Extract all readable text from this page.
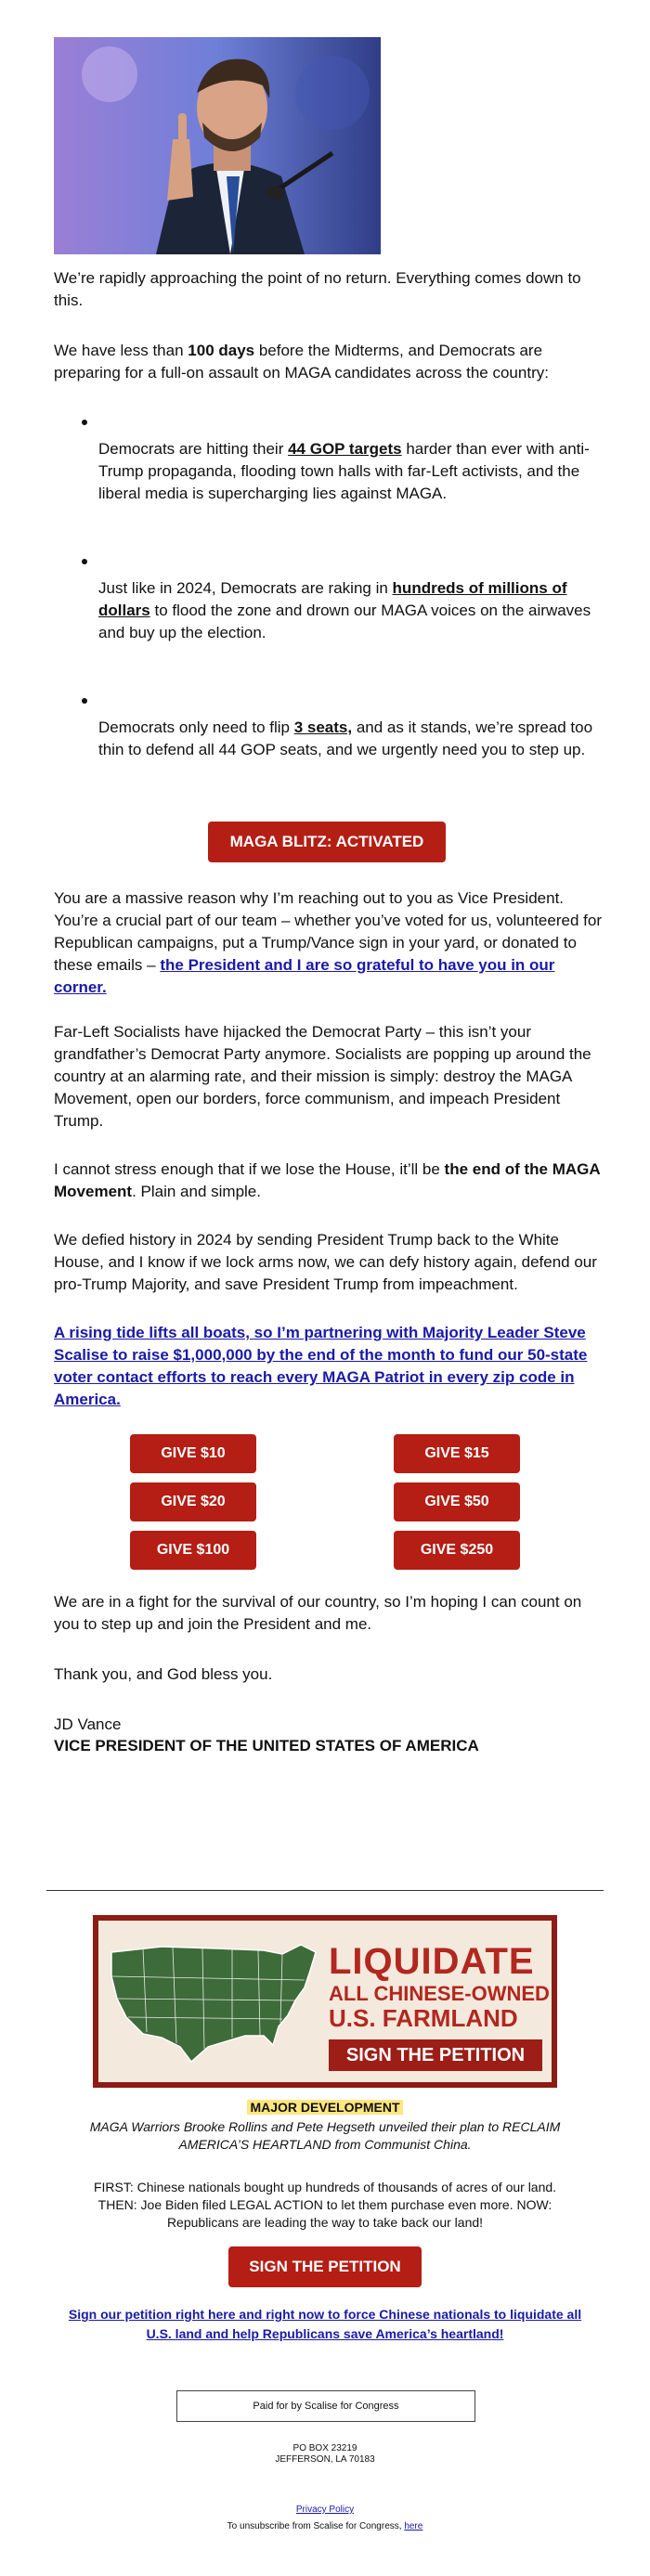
We’re rapidly approaching the point of no return. Everything comes down to this.

We have less than 100 days before the Midterms, and Democrats are preparing for a full-on assault on MAGA candidates across the country:

Democrats are hitting their 44 GOP targets harder than ever with anti-Trump propaganda, flooding town halls with far-Left activists, and the liberal media is supercharging lies against MAGA.
Just like in 2024, Democrats are raking in hundreds of millions of dollars to flood the zone and drown our MAGA voices on the airwaves and buy up the election.
Democrats only need to flip 3 seats, and as it stands, we’re spread too thin to defend all 44 GOP seats, and we urgently need you to step up.
MAGA BLITZ: ACTIVATED

You are a massive reason why I’m reaching out to you as Vice President. You’re a crucial part of our team – whether you’ve voted for us, volunteered for Republican campaigns, put a Trump/Vance sign in your yard, or donated to these emails – the President and I are so grateful to have you in our corner.

Far-Left Socialists have hijacked the Democrat Party – this isn’t your grandfather’s Democrat Party anymore. Socialists are popping up around the country at an alarming rate, and their mission is simply: destroy the MAGA Movement, open our borders, force communism, and impeach President Trump.

I cannot stress enough that if we lose the House, it’ll be the end of the MAGA Movement. Plain and simple.

We defied history in 2024 by sending President Trump back to the White House, and I know if we lock arms now, we can defy history again, defend our pro-Trump Majority, and save President Trump from impeachment.

A rising tide lifts all boats, so I’m partnering with Majority Leader Steve Scalise to raise $1,000,000 by the end of the month to fund our 50-state voter contact efforts to reach every MAGA Patriot in every zip code in America.

GIVE $10	GIVE $15
GIVE $20	GIVE $50
GIVE $100	GIVE $250

We are in a fight for the survival of our country, so I’m hoping I can count on you to step up and join the President and me.

Thank you, and God bless you.

JD Vance
VICE PRESIDENT OF THE UNITED STATES OF AMERICA
LIQUIDATE
ALL CHINESE-OWNED
U.S. FARMLAND
SIGN THE PETITION
MAJOR DEVELOPMENT
MAGA Warriors Brooke Rollins and Pete Hegseth unveiled their plan to RECLAIM AMERICA’S HEARTLAND from Communist China.
FIRST: Chinese nationals bought up hundreds of thousands of acres of our land.
THEN: Joe Biden filed LEGAL ACTION to let them purchase even more. NOW:
Republicans are leading the way to take back our land!
SIGN THE PETITION
Sign our petition right here and right now to force Chinese nationals to liquidate all U.S. land and help Republicans save America’s heartland!
Paid for by Scalise for Congress
PO BOX 23219
JEFFERSON, LA 70183
Privacy Policy
To unsubscribe from Scalise for Congress, here
